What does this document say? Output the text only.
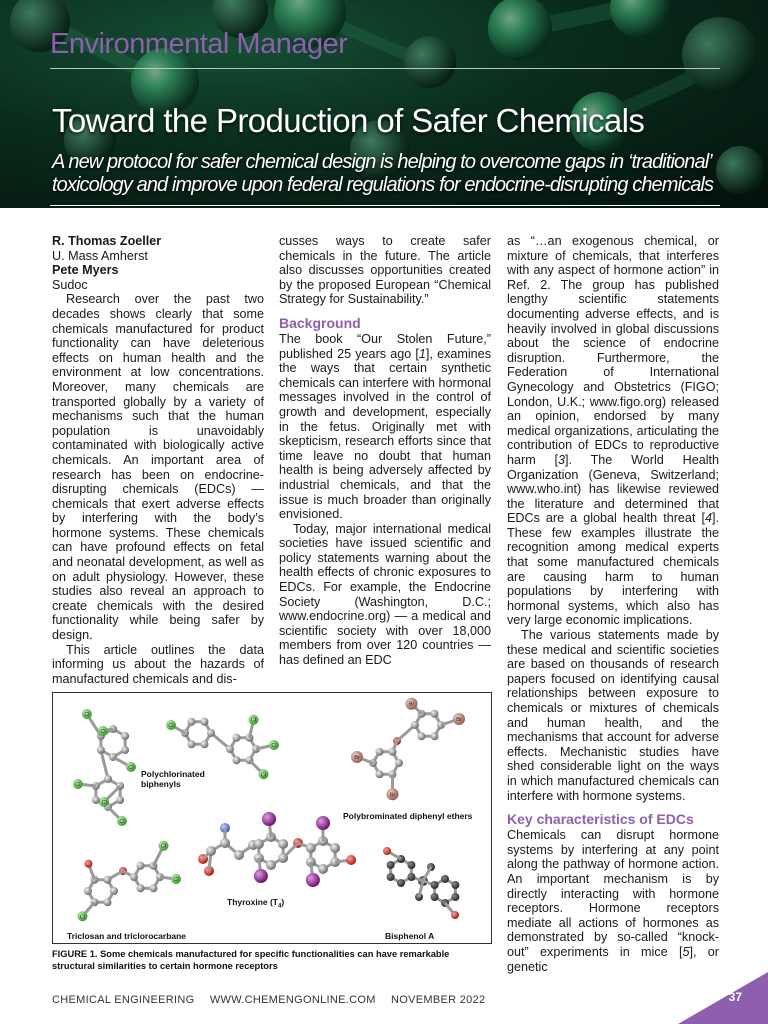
Environmental Manager
Toward the Production of Safer Chemicals
A new protocol for safer chemical design is helping to overcome gaps in ‘traditional’ toxicology and improve upon federal regulations for endocrine-disrupting chemicals
R. Thomas Zoeller
U. Mass Amherst
Pete Myers
Sudoc

Research over the past two decades shows clearly that some chemicals manufactured for product functionality can have deleterious effects on human health and the environment at low concentrations. Moreover, many chemicals are transported globally by a variety of mechanisms such that the human population is unavoidably contaminated with biologically active chemicals. An important area of research has been on endocrine-disrupting chemicals (EDCs) — chemicals that exert adverse effects by interfering with the body’s hormone systems. These chemicals can have profound effects on fetal and neonatal development, as well as on adult physiology. However, these studies also reveal an approach to create chemicals with the desired functionality while being safer by design.

This article outlines the data informing us about the hazards of manufactured chemicals and dis-

cusses ways to create safer chemicals in the future. The article also discusses opportunities created by the proposed European “Chemical Strategy for Sustainability.”

Background

The book “Our Stolen Future,” published 25 years ago [1], examines the ways that certain synthetic chemicals can interfere with hormonal messages involved in the control of growth and development, especially in the fetus. Originally met with skepticism, research efforts since that time leave no doubt that human health is being adversely affected by industrial chemicals, and that the issue is much broader than originally envisioned.

Today, major international medical societies have issued scientific and policy statements warning about the health effects of chronic exposures to EDCs. For example, the Endocrine Society (Washington, D.C.; www.endocrine.org) — a medical and scientific society with over 18,000 members from over 120 countries — has defined an EDC

as “…an exogenous chemical, or mixture of chemicals, that interferes with any aspect of hormone action” in Ref. 2. The group has published lengthy scientific statements documenting adverse effects, and is heavily involved in global discussions about the science of endocrine disruption. Furthermore, the Federation of International Gynecology and Obstetrics (FIGO; London, U.K.; www.figo.org) released an opinion, endorsed by many medical organizations, articulating the contribution of EDCs to reproductive harm [3]. The World Health Organization (Geneva, Switzerland; www.who.int) has likewise reviewed the literature and determined that EDCs are a global health threat [4]. These few examples illustrate the recognition among medical experts that some manufactured chemicals are causing harm to human populations by interfering with hormonal systems, which also has very large economic implications.

The various statements made by these medical and scientific societies are based on thousands of research papers focused on identifying causal relationships between exposure to chemicals or mixtures of chemicals and human health, and the mechanisms that account for adverse effects. Mechanistic studies have shed considerable light on the ways in which manufactured chemicals can interfere with hormone systems.

Key characteristics of EDCs

Chemicals can disrupt hormone systems by interfering at any point along the pathway of hormone action. An important mechanism is by directly interacting with hormone receptors. Hormone receptors mediate all actions of hormones as demonstrated by so-called “knock-out” experiments in mice [5], or genetic

Cl
Cl
Cl
Cl
Cl
Cl
Cl
Cl
Cl
Cl
Br
Br
Br
Br
Cl
Cl
Cl
Polychlorinated biphenyls
Polybrominated diphenyl ethers
Thyroxine $(T_4)$
Triclosan and triclorocarbane	Bisphenol A
FIGURE 1. Some chemicals manufactured for specific functionalities can have remarkable structural similarities to certain hormone receptors
CHEMICAL ENGINEERING WWW.CHEMENGONLINE.COM NOVEMBER 2022	37
